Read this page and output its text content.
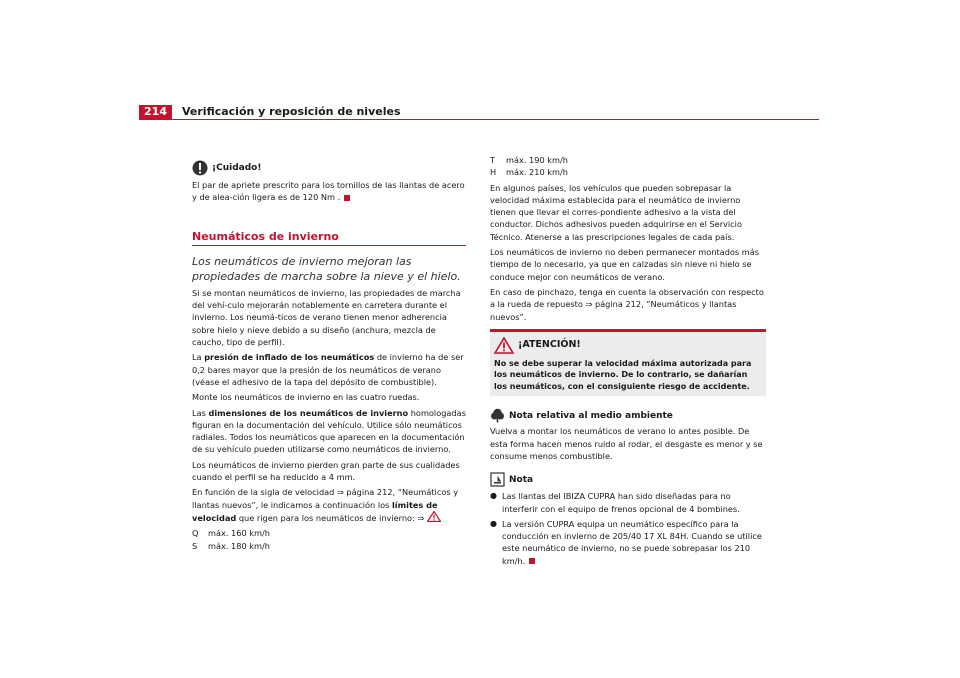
214	Verificación y reposición de niveles
¡Cuidado!

El par de apriete prescrito para los tornillos de las llantas de acero y de alea-ción ligera es de 120 Nm .

Neumáticos de invierno

Los neumáticos de invierno mejoran las propiedades de marcha sobre la nieve y el hielo.

Si se montan neumáticos de invierno, las propiedades de marcha del vehí-culo mejorarán notablemente en carretera durante el invierno. Los neumá-ticos de verano tienen menor adherencia sobre hielo y nieve debido a su diseño (anchura, mezcla de caucho, tipo de perfil).

La presión de inflado de los neumáticos de invierno ha de ser 0,2 bares mayor que la presión de los neumáticos de verano (véase el adhesivo de la tapa del depósito de combustible).

Monte los neumáticos de invierno en las cuatro ruedas.

Las dimensiones de los neumáticos de invierno homologadas figuran en la documentación del vehículo. Utilice sólo neumáticos radiales. Todos los neumáticos que aparecen en la documentación de su vehículo pueden utilizarse como neumáticos de invierno.

Los neumáticos de invierno pierden gran parte de sus cualidades cuando el perfil se ha reducido a 4 mm.

En función de la sigla de velocidad ⇒ página 212, “Neumáticos y llantas nuevos”, le indicamos a continuación los límites de velocidad que rigen para los neumáticos de invierno: ⇒

Q	máx. 160 km/h
S	máx. 180 km/h
T	máx. 190 km/h
H	máx. 210 km/h

En algunos países, los vehículos que pueden sobrepasar la velocidad máxima establecida para el neumático de invierno tienen que llevar el corres-pondiente adhesivo a la vista del conductor. Dichos adhesivos pueden adquirirse en el Servicio Técnico. Atenerse a las prescripciones legales de cada país.

Los neumáticos de invierno no deben permanecer montados más tiempo de lo necesario, ya que en calzadas sin nieve ni hielo se conduce mejor con neumáticos de verano.

En caso de pinchazo, tenga en cuenta la observación con respecto a la rueda de repuesto ⇒ página 212, “Neumáticos y llantas nuevos”.

¡ATENCIÓN!
No se debe superar la velocidad máxima autorizada para los neumáticos de invierno. De lo contrario, se dañarían los neumáticos, con el consiguiente riesgo de accidente.
Nota relativa al medio ambiente

Vuelva a montar los neumáticos de verano lo antes posible. De esta forma hacen menos ruido al rodar, el desgaste es menor y se consume menos combustible.

Nota
● Las llantas del IBIZA CUPRA han sido diseñadas para no interferir con el equipo de frenos opcional de 4 bombines.
● La versión CUPRA equipa un neumático específico para la conducción en invierno de 205/40 17 XL 84H. Cuando se utilice este neumático de invierno, no se puede sobrepasar los 210 km/h.
